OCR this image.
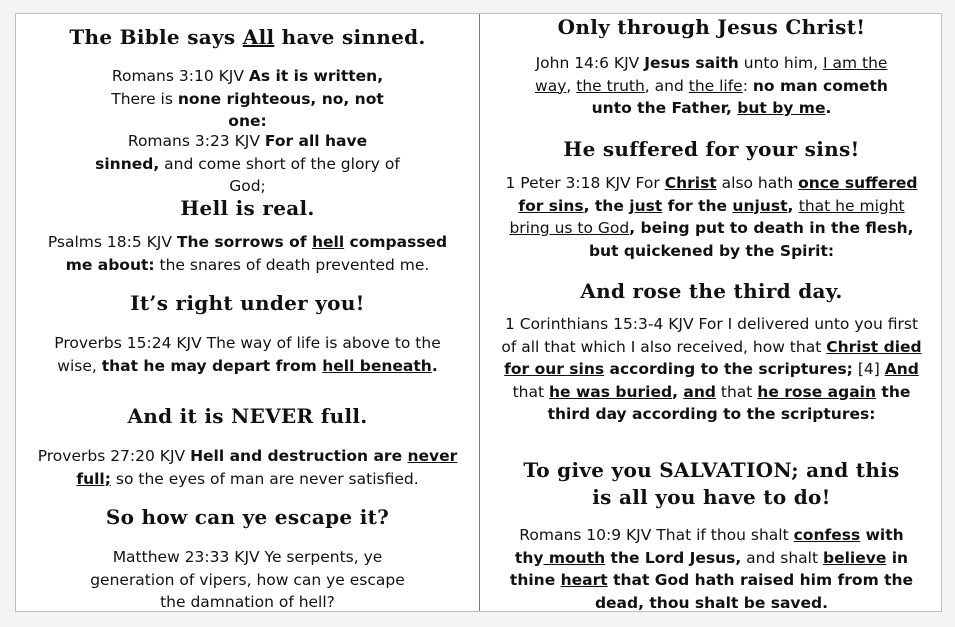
The Bible says All have sinned.

Romans 3:10 KJV As it is written, There is none righteous, no, not one:

Romans 3:23 KJV For all have sinned, and come short of the glory of God;

Hell is real.

Psalms 18:5 KJV The sorrows of hell compassed me about: the snares of death prevented me.

It’s right under you!

Proverbs 15:24 KJV The way of life is above to the wise, that he may depart from hell beneath.

And it is NEVER full.

Proverbs 27:20 KJV Hell and destruction are never full; so the eyes of man are never satisfied.

So how can ye escape it?

Matthew 23:33 KJV Ye serpents, ye generation of vipers, how can ye escape the damnation of hell?

Only through Jesus Christ!

John 14:6 KJV Jesus saith unto him, I am the way, the truth, and the life: no man cometh unto the Father, but by me.

He suffered for your sins!

1 Peter 3:18 KJV For Christ also hath once suffered for sins, the just for the unjust, that he might bring us to God, being put to death in the flesh, but quickened by the Spirit:

And rose the third day.

1 Corinthians 15:3-4 KJV For I delivered unto you first of all that which I also received, how that Christ died for our sins according to the scriptures; [4] And that he was buried, and that he rose again the third day according to the scriptures:

To give you SALVATION; and this is all you have to do!

Romans 10:9 KJV That if thou shalt confess with thy mouth the Lord Jesus, and shalt believe in thine heart that God hath raised him from the dead, thou shalt be saved.
